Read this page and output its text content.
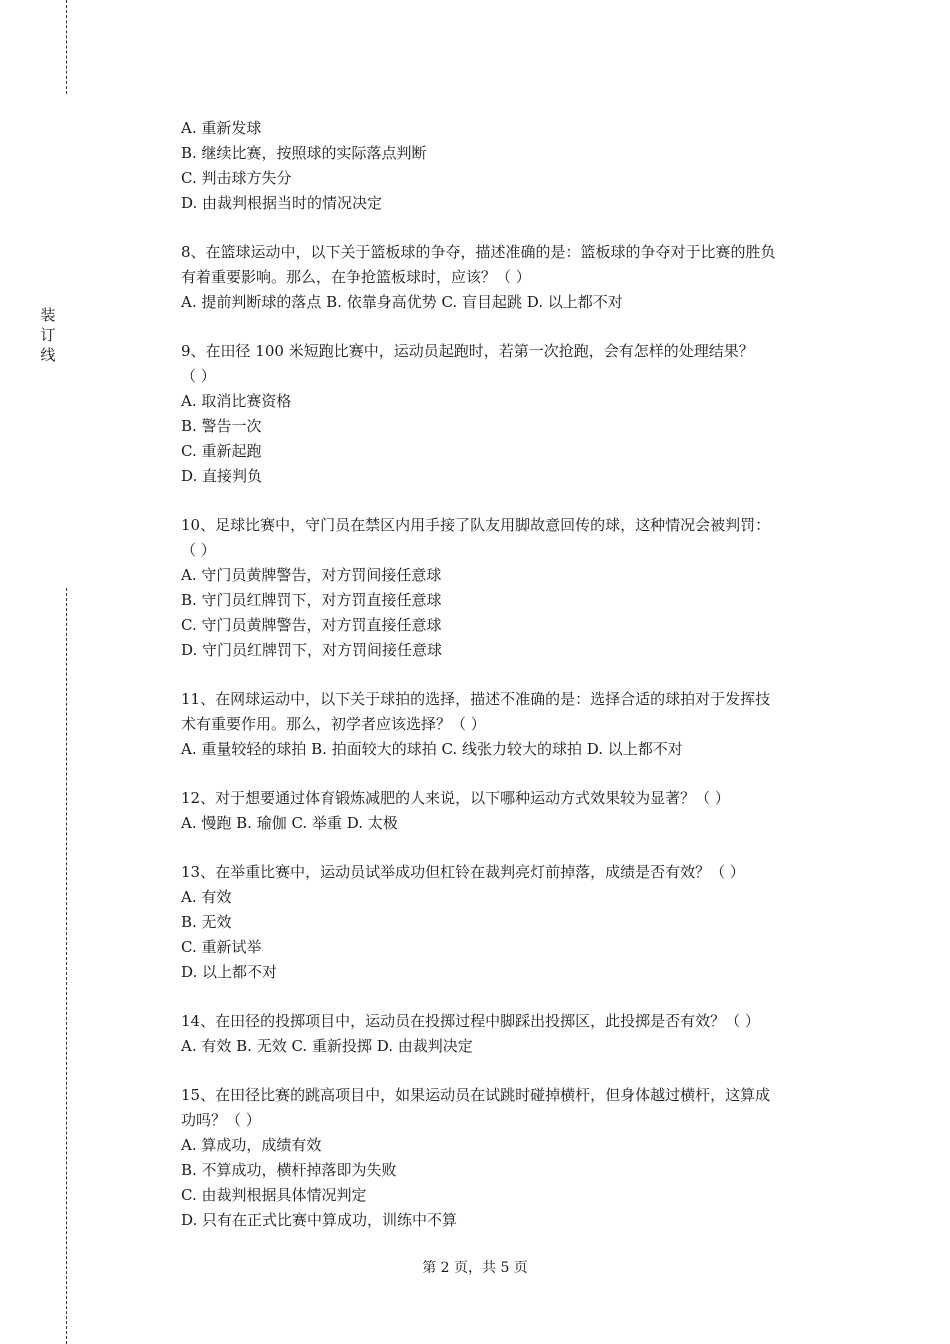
装
订
线
A. 重新发球
B. 继续比赛，按照球的实际落点判断
C. 判击球方失分
D. 由裁判根据当时的情况决定
8、在篮球运动中，以下关于篮板球的争夺，描述准确的是：篮板球的争夺对于比赛的胜负
有着重要影响。那么，在争抢篮板球时，应该？（ ）
A. 提前判断球的落点 B. 依靠身高优势 C. 盲目起跳 D. 以上都不对
9、在田径 100 米短跑比赛中，运动员起跑时，若第一次抢跑，会有怎样的处理结果？
（ ）
A. 取消比赛资格
B. 警告一次
C. 重新起跑
D. 直接判负
10、足球比赛中，守门员在禁区内用手接了队友用脚故意回传的球，这种情况会被判罚：
（ ）
A. 守门员黄牌警告，对方罚间接任意球
B. 守门员红牌罚下，对方罚直接任意球
C. 守门员黄牌警告，对方罚直接任意球
D. 守门员红牌罚下，对方罚间接任意球
11、在网球运动中，以下关于球拍的选择，描述不准确的是：选择合适的球拍对于发挥技
术有重要作用。那么，初学者应该选择？（ ）
A. 重量较轻的球拍 B. 拍面较大的球拍 C. 线张力较大的球拍 D. 以上都不对
12、对于想要通过体育锻炼减肥的人来说，以下哪种运动方式效果较为显著？（ ）
A. 慢跑 B. 瑜伽 C. 举重 D. 太极
13、在举重比赛中，运动员试举成功但杠铃在裁判亮灯前掉落，成绩是否有效？（ ）
A. 有效
B. 无效
C. 重新试举
D. 以上都不对
14、在田径的投掷项目中，运动员在投掷过程中脚踩出投掷区，此投掷是否有效？（ ）
A. 有效 B. 无效 C. 重新投掷 D. 由裁判决定
15、在田径比赛的跳高项目中，如果运动员在试跳时碰掉横杆，但身体越过横杆，这算成
功吗？（ ）
A. 算成功，成绩有效
B. 不算成功，横杆掉落即为失败
C. 由裁判根据具体情况判定
D. 只有在正式比赛中算成功，训练中不算
第 2 页，共 5 页
